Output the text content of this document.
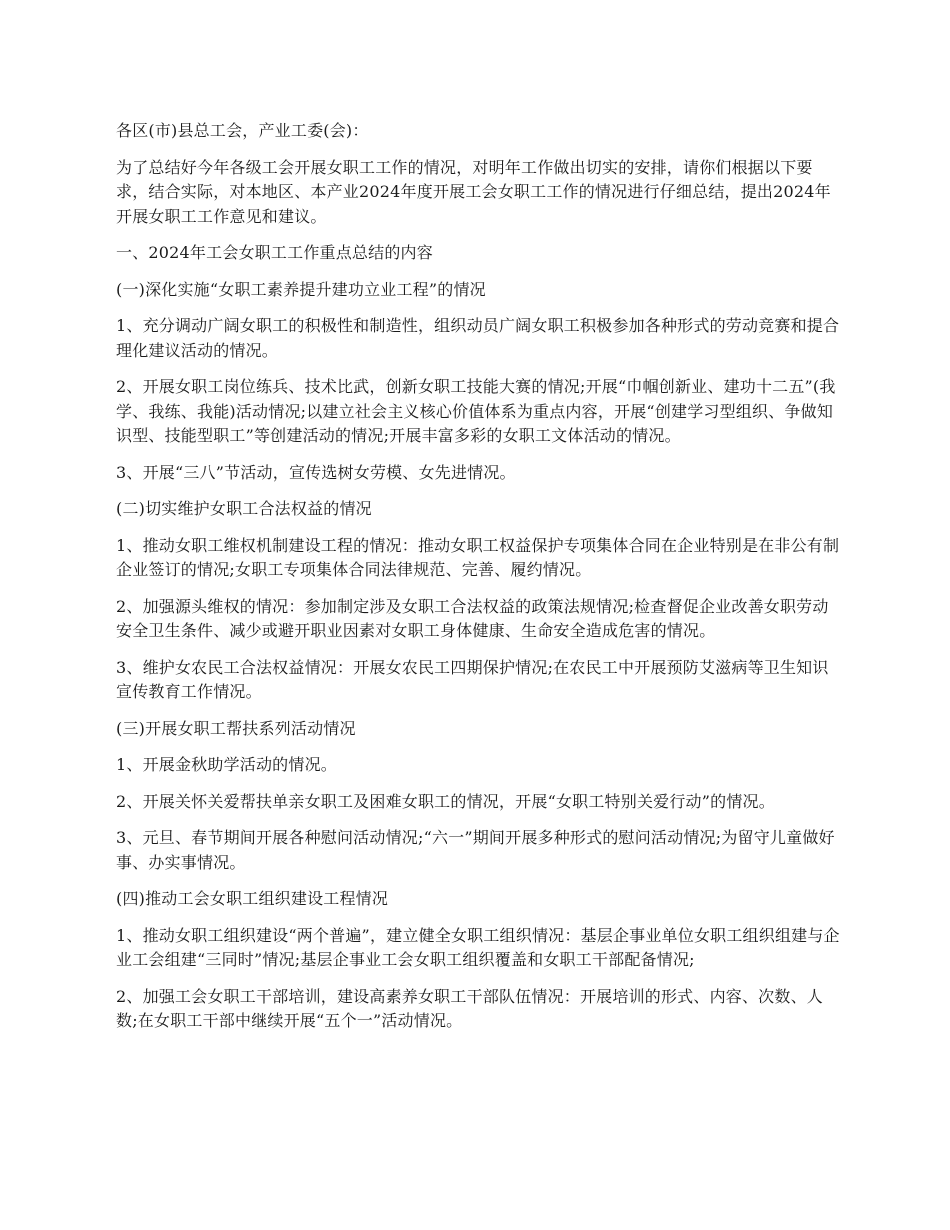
各区(市)县总工会，产业工委(会)：

为了总结好今年各级工会开展女职工工作的情况，对明年工作做出切实的安排，请你们根据以下要求，结合实际，对本地区、本产业2024年度开展工会女职工工作的情况进行仔细总结，提出2024年开展女职工工作意见和建议。

一、2024年工会女职工工作重点总结的内容

(一)深化实施“女职工素养提升建功立业工程”的情况

1、充分调动广阔女职工的积极性和制造性，组织动员广阔女职工积极参加各种形式的劳动竞赛和提合理化建议活动的情况。

2、开展女职工岗位练兵、技术比武，创新女职工技能大赛的情况;开展“巾帼创新业、建功十二五”(我学、我练、我能)活动情况;以建立社会主义核心价值体系为重点内容，开展“创建学习型组织、争做知识型、技能型职工”等创建活动的情况;开展丰富多彩的女职工文体活动的情况。

3、开展“三八”节活动，宣传选树女劳模、女先进情况。

(二)切实维护女职工合法权益的情况

1、推动女职工维权机制建设工程的情况：推动女职工权益保护专项集体合同在企业特别是在非公有制企业签订的情况;女职工专项集体合同法律规范、完善、履约情况。

2、加强源头维权的情况：参加制定涉及女职工合法权益的政策法规情况;检查督促企业改善女职劳动安全卫生条件、减少或避开职业因素对女职工身体健康、生命安全造成危害的情况。

3、维护女农民工合法权益情况：开展女农民工四期保护情况;在农民工中开展预防艾滋病等卫生知识宣传教育工作情况。

(三)开展女职工帮扶系列活动情况

1、开展金秋助学活动的情况。

2、开展关怀关爱帮扶单亲女职工及困难女职工的情况，开展“女职工特别关爱行动”的情况。

3、元旦、春节期间开展各种慰问活动情况;“六一”期间开展多种形式的慰问活动情况;为留守儿童做好事、办实事情况。

(四)推动工会女职工组织建设工程情况

1、推动女职工组织建设“两个普遍”，建立健全女职工组织情况：基层企事业单位女职工组织组建与企业工会组建“三同时”情况;基层企事业工会女职工组织覆盖和女职工干部配备情况;

2、加强工会女职工干部培训，建设高素养女职工干部队伍情况：开展培训的形式、内容、次数、人数;在女职工干部中继续开展“五个一”活动情况。
